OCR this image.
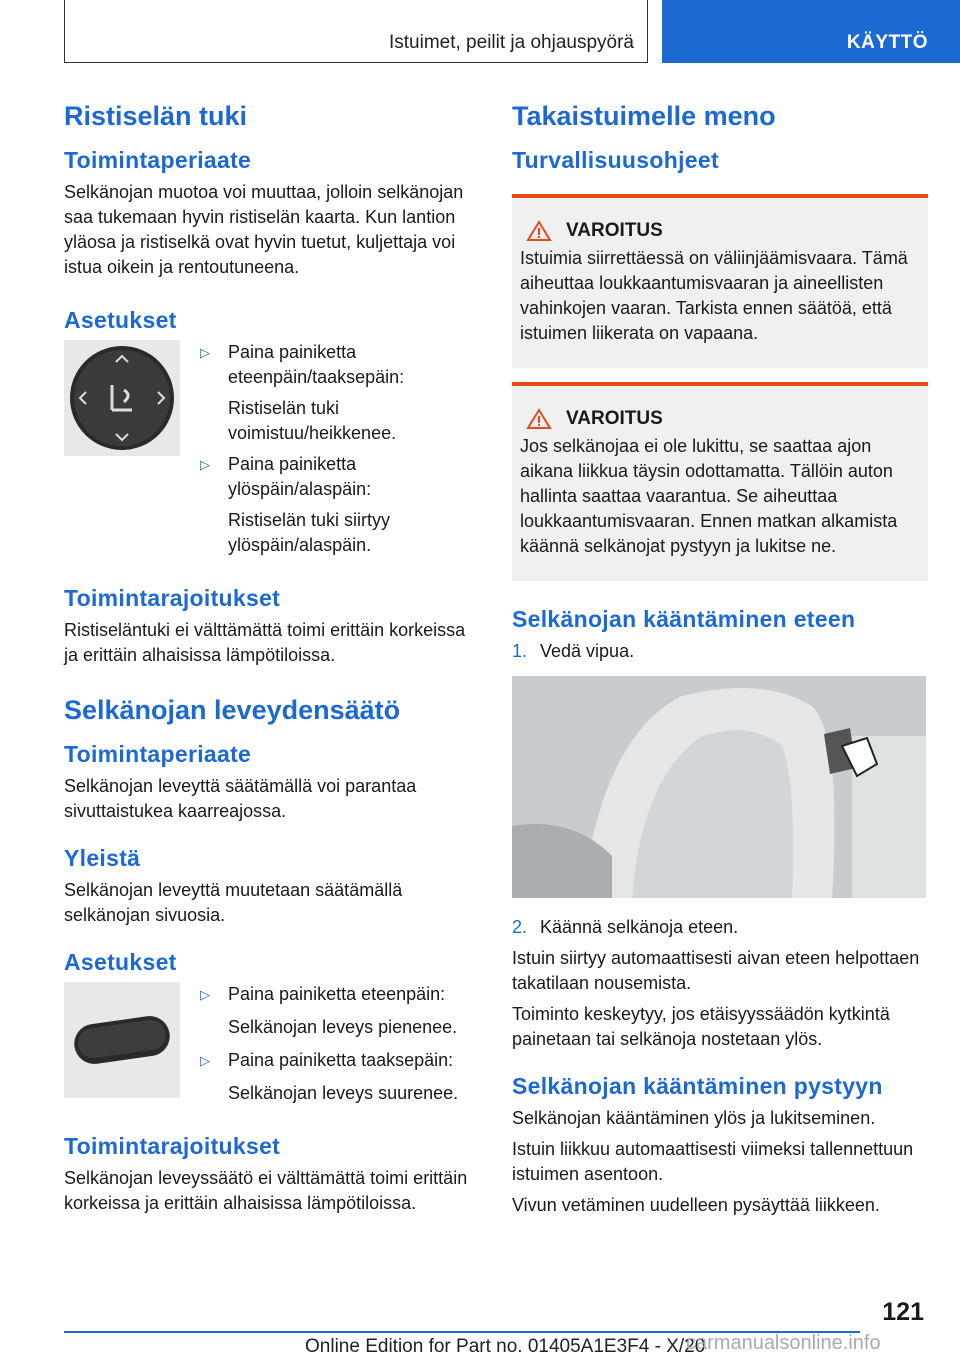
Istuimet, peilit ja ohjauspyörä	KÄYTTÖ
Ristiselän tuki
Toimintaperiaate

Selkänojan muotoa voi muuttaa, jolloin selkänojan saa tukemaan hyvin ristiselän kaarta. Kun lantion yläosa ja ristiselkä ovat hyvin tuetut, kuljettaja voi istua oikein ja rentoutuneena.

Asetukset
▷	Paina painiketta eteenpäin/taaksepäin:
Ristiselän tuki voimistuu/heikkenee.
▷	Paina painiketta ylöspäin/alaspäin:
Ristiselän tuki siirtyy ylöspäin/alaspäin.
Toimintarajoitukset

Ristiseläntuki ei välttämättä toimi erittäin korkeissa ja erittäin alhaisissa lämpötiloissa.

Selkänojan leveydensäätö
Toimintaperiaate

Selkänojan leveyttä säätämällä voi parantaa sivuttaistukea kaarreajossa.

Yleistä

Selkänojan leveyttä muutetaan säätämällä selkänojan sivuosia.

Asetukset
▷	Paina painiketta eteenpäin:
Selkänojan leveys pienenee.
▷	Paina painiketta taaksepäin:
Selkänojan leveys suurenee.
Toimintarajoitukset

Selkänojan leveyssäätö ei välttämättä toimi erittäin korkeissa ja erittäin alhaisissa lämpötiloissa.

Takaistuimelle meno
Turvallisuusohjeet
VAROITUS

Istuimia siirrettäessä on väliinjäämisvaara. Tämä aiheuttaa loukkaantumisvaaran ja aineellisten vahinkojen vaaran. Tarkista ennen säätöä, että istuimen liikerata on vapaana.

VAROITUS

Jos selkänojaa ei ole lukittu, se saattaa ajon aikana liikkua täysin odottamatta. Tällöin auton hallinta saattaa vaarantua. Se aiheuttaa loukkaantumisvaaran. Ennen matkan alkamista käännä selkänojat pystyyn ja lukitse ne.

Selkänojan kääntäminen eteen
1. Vedä vipua.
2. Käännä selkänoja eteen.

Istuin siirtyy automaattisesti aivan eteen helpottaen takatilaan nousemista.

Toiminto keskeytyy, jos etäisyyssäädön kytkintä painetaan tai selkänoja nostetaan ylös.

Selkänojan kääntäminen pystyyn

Selkänojan kääntäminen ylös ja lukitseminen.

Istuin liikkuu automaattisesti viimeksi tallennettuun istuimen asentoon.

Vivun vetäminen uudelleen pysäyttää liikkeen.

121
Online Edition for Part no. 01405A1E3F4 - X/20
carmanualsonline.info
